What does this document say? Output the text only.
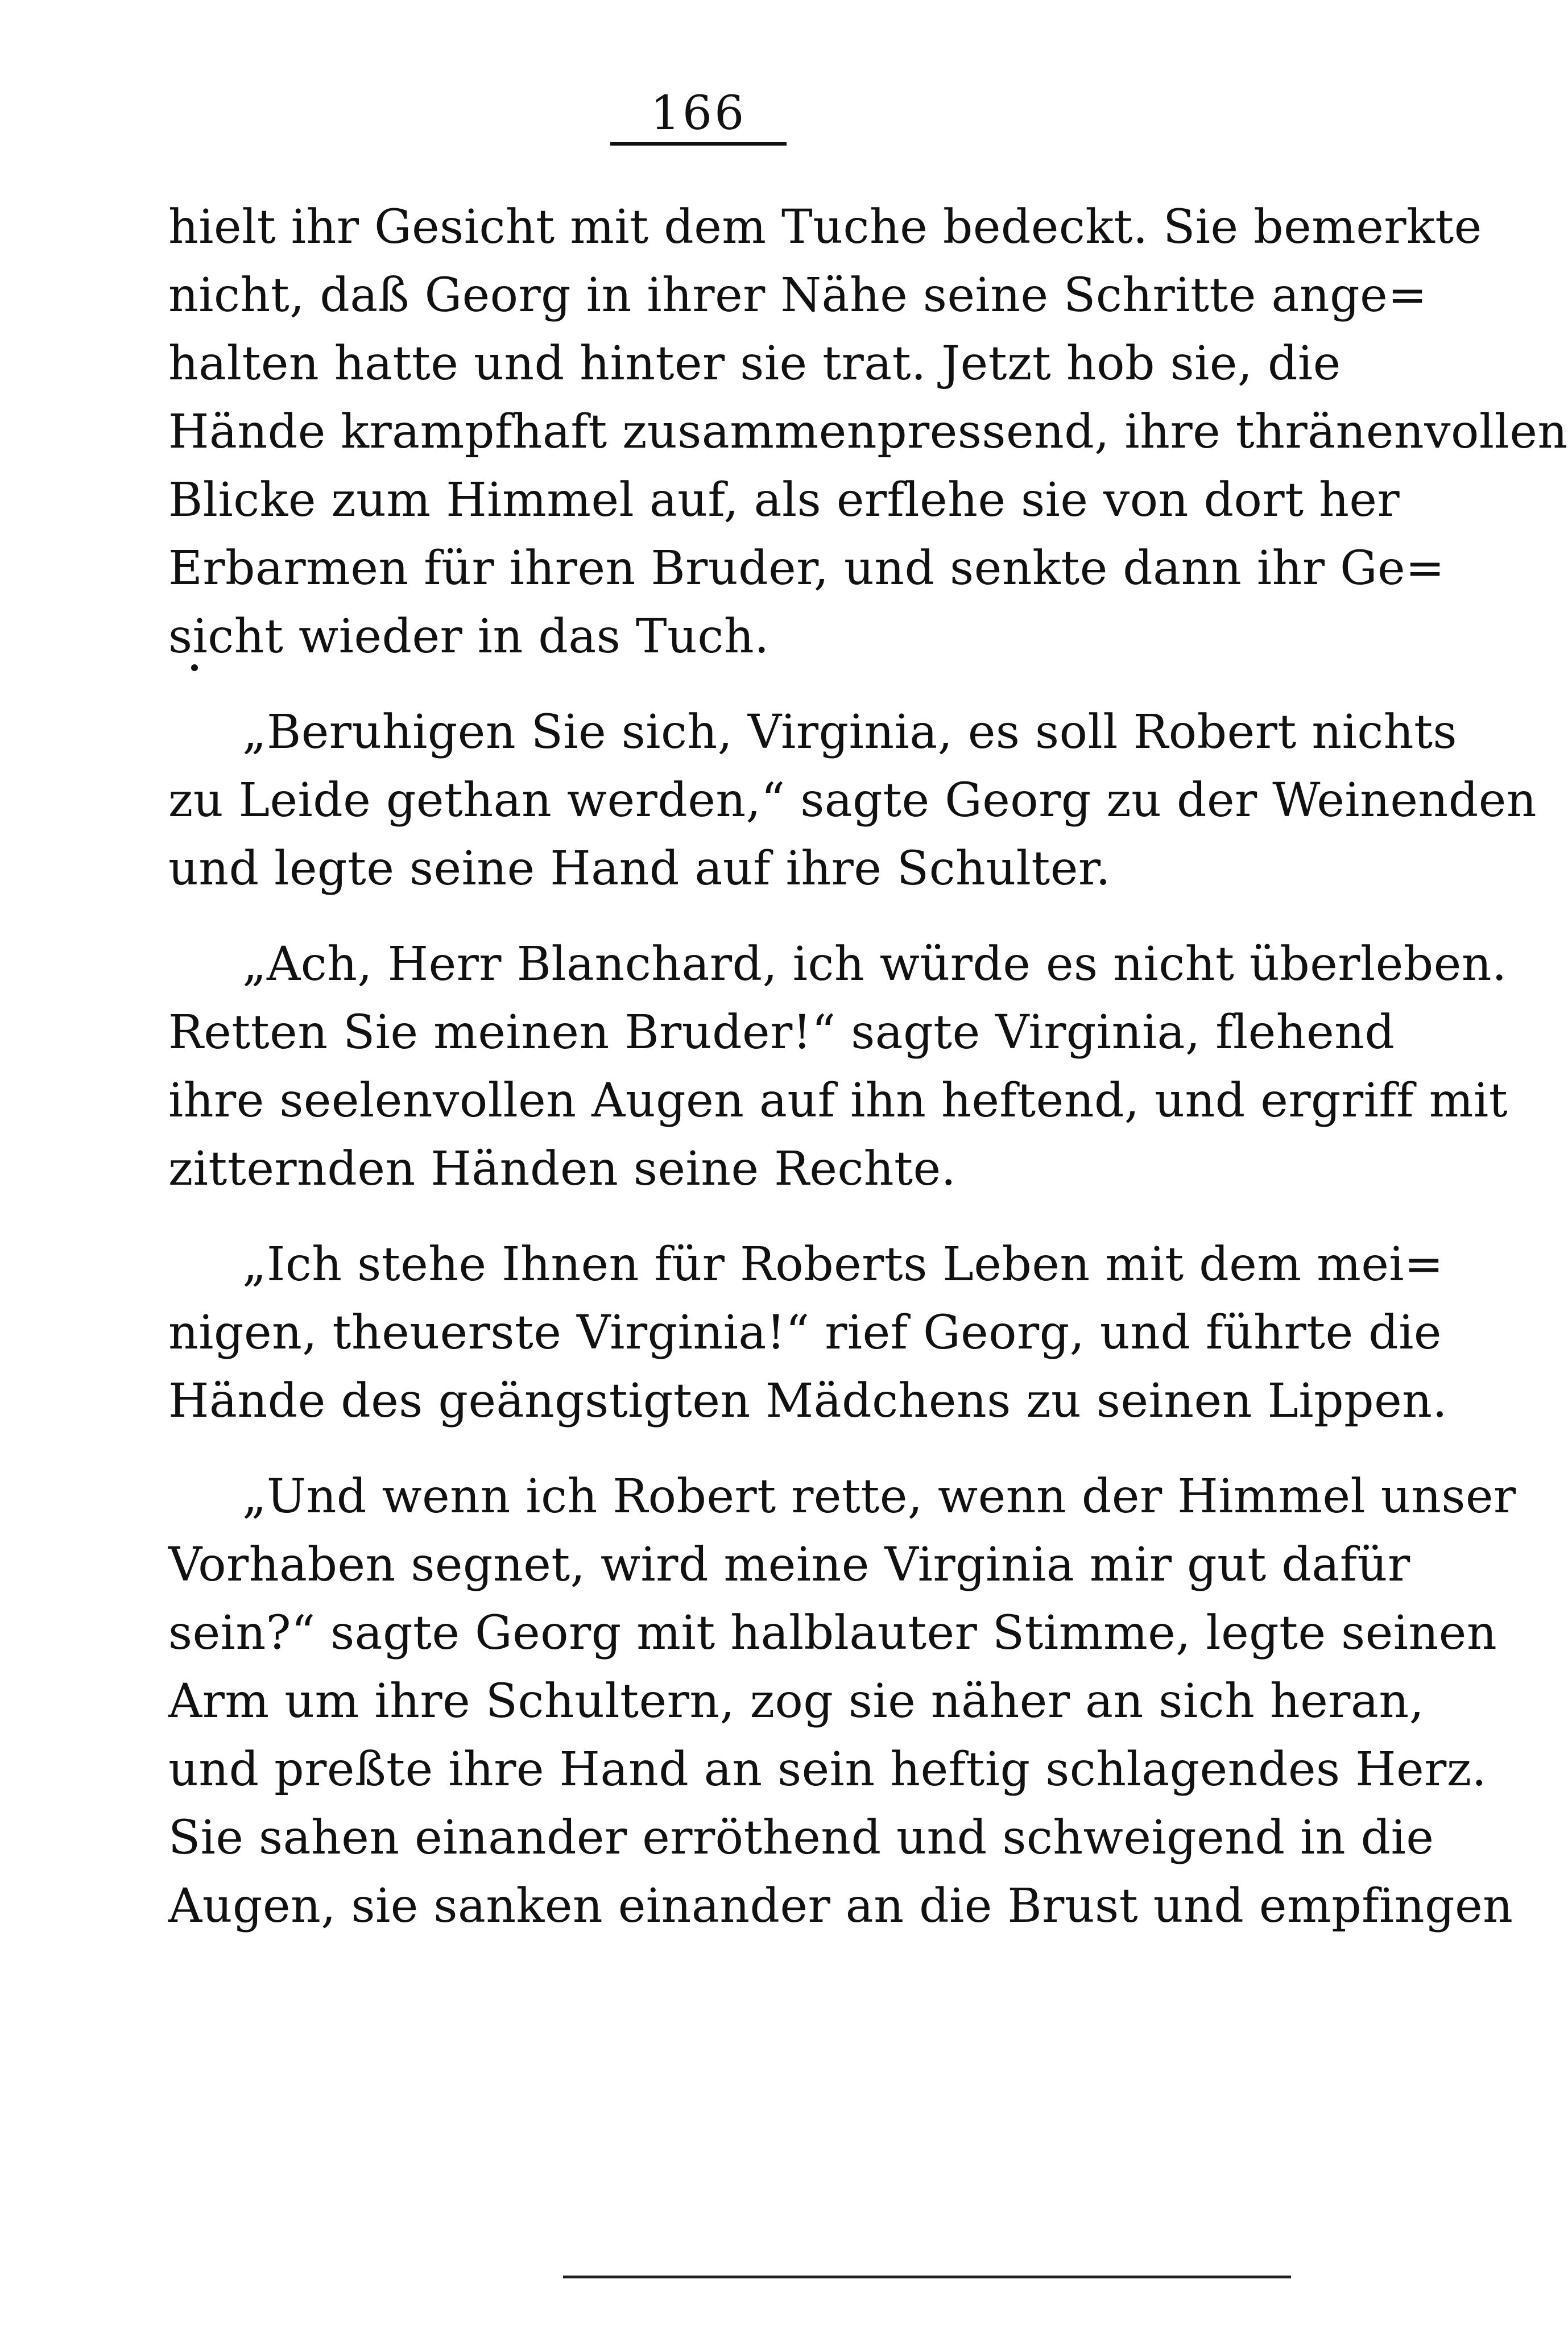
166
hielt ihr Gesicht mit dem Tuche bedeckt. Sie bemerkte
nicht, daß Georg in ihrer Nähe seine Schritte ange=
halten hatte und hinter sie trat. Jetzt hob sie, die
Hände krampfhaft zusammenpressend, ihre thränenvollen
Blicke zum Himmel auf, als erflehe sie von dort her
Erbarmen für ihren Bruder, und senkte dann ihr Ge=
sicht wieder in das Tuch.
„Beruhigen Sie sich, Virginia, es soll Robert nichts
zu Leide gethan werden,“ sagte Georg zu der Weinenden
und legte seine Hand auf ihre Schulter.
„Ach, Herr Blanchard, ich würde es nicht überleben.
Retten Sie meinen Bruder!“ sagte Virginia, flehend
ihre seelenvollen Augen auf ihn heftend, und ergriff mit
zitternden Händen seine Rechte.
„Ich stehe Ihnen für Roberts Leben mit dem mei=
nigen, theuerste Virginia!“ rief Georg, und führte die
Hände des geängstigten Mädchens zu seinen Lippen.
„Und wenn ich Robert rette, wenn der Himmel unser
Vorhaben segnet, wird meine Virginia mir gut dafür
sein?“ sagte Georg mit halblauter Stimme, legte seinen
Arm um ihre Schultern, zog sie näher an sich heran,
und preßte ihre Hand an sein heftig schlagendes Herz.
Sie sahen einander erröthend und schweigend in die
Augen, sie sanken einander an die Brust und empfingen
